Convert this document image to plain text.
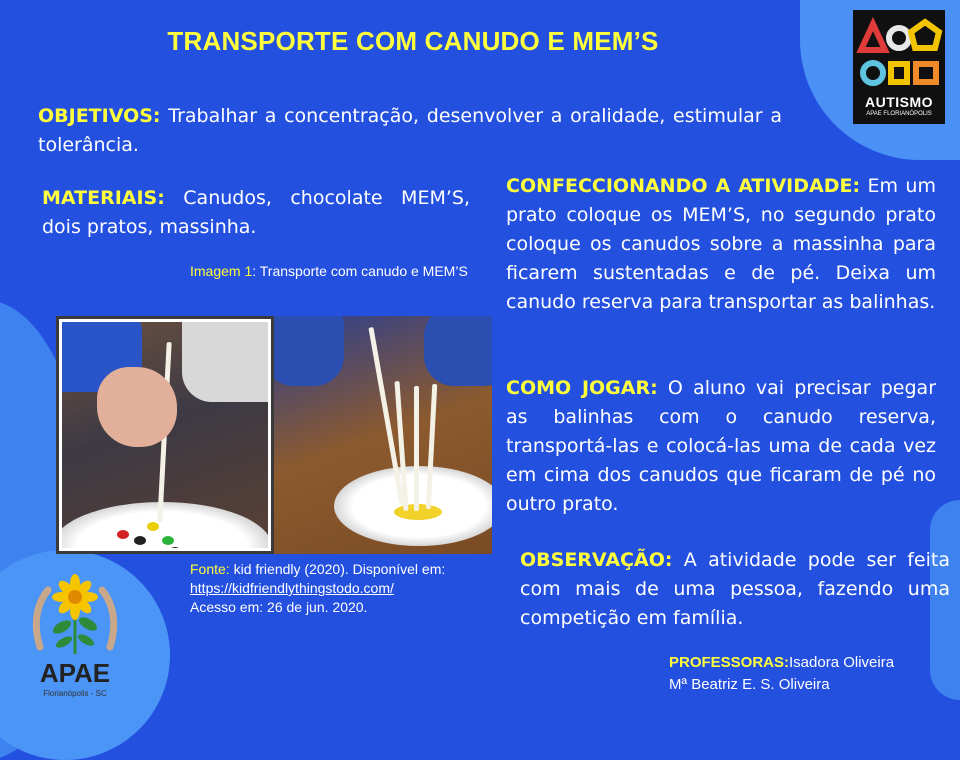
TRANSPORTE COM CANUDO E MEM’S
OBJETIVOS: Trabalhar a concentração, desenvolver a oralidade, estimular a tolerância.
MATERIAIS: Canudos, chocolate MEM’S, dois pratos, massinha.
CONFECCIONANDO A ATIVIDADE: Em um prato coloque os MEM’S, no segundo prato coloque os canudos sobre a massinha para ficarem sustentadas e de pé. Deixa um canudo reserva para transportar as balinhas.
COMO JOGAR: O aluno vai precisar pegar as balinhas com o canudo reserva, transportá-las e colocá-las uma de cada vez em cima dos canudos que ficaram de pé no outro prato.
OBSERVAÇÃO: A atividade pode ser feita com mais de uma pessoa, fazendo uma competição em família.
Imagem 1: Transporte com canudo e MEM’S
Fonte: kid friendly (2020). Disponível em:
https://kidfriendlythingstodo.com/
Acesso em: 26 de jun. 2020.
PROFESSORAS:Isadora Oliveira
Mª Beatriz E. S. Oliveira
AUTISMO
APAE FLORIANÓPOLIS
APAE
Florianópolis - SC
